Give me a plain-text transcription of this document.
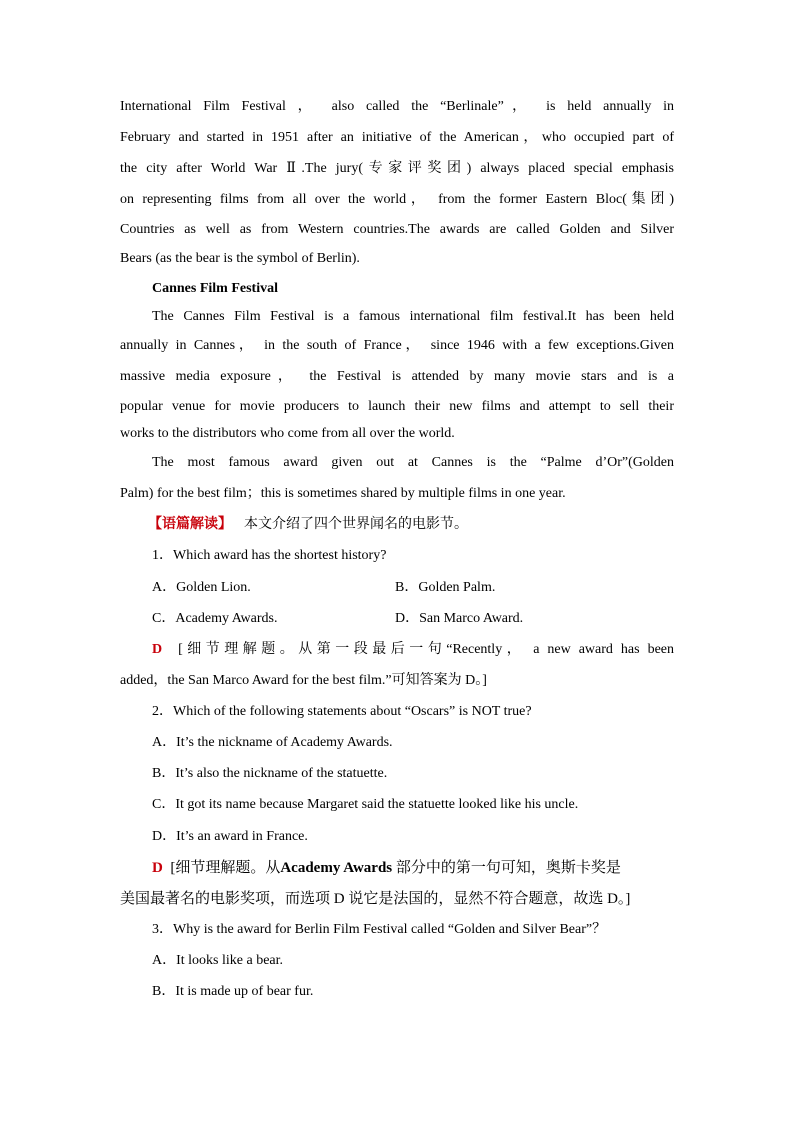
International Film Festival ， also called the “Berlinale”， is held annually in
February and started in 1951 after an initiative of the American，who occupied part of
the city after World War Ⅱ.The jury(专家评奖团) always placed special emphasis
on representing films from all over the world， from the former Eastern Bloc(集团)
Countries as well as from Western countries.The awards are called Golden and Silver
Bears (as the bear is the symbol of Berlin).
Cannes Film Festival
The Cannes Film Festival is a famous international film festival.It has been held
annually in Cannes， in the south of France， since 1946 with a few exceptions.Given
massive media exposure， the Festival is attended by many movie stars and is a
popular venue for movie producers to launch their new films and attempt to sell their
works to the distributors who come from all over the world.
The most famous award given out at Cannes is the “Palme d’Or”(Golden
Palm) for the best film；this is sometimes shared by multiple films in one year.
【语篇解读】 本文介绍了四个世界闻名的电影节。
1．Which award has the shortest history?
A．Golden Lion.	B．Golden Palm.
C．Academy Awards.	D．San Marco Award.
D [细节理解题。从第一段最后一句“Recently， a new award has been
added，the San Marco Award for the best film.”可知答案为 D。]
2．Which of the following statements about “Oscars” is NOT true?
A．It’s the nickname of Academy Awards.
B．It’s also the nickname of the statuette.
C．It got its name because Margaret said the statuette looked like his uncle.
D．It’s an award in France.
D [细节理解题。从Academy Awards 部分中的第一句可知，奥斯卡奖是
美国最著名的电影奖项，而选项 D 说它是法国的，显然不符合题意，故选 D。]
3．Why is the award for Berlin Film Festival called “Golden and Silver Bear”？
A．It looks like a bear.
B．It is made up of bear fur.
